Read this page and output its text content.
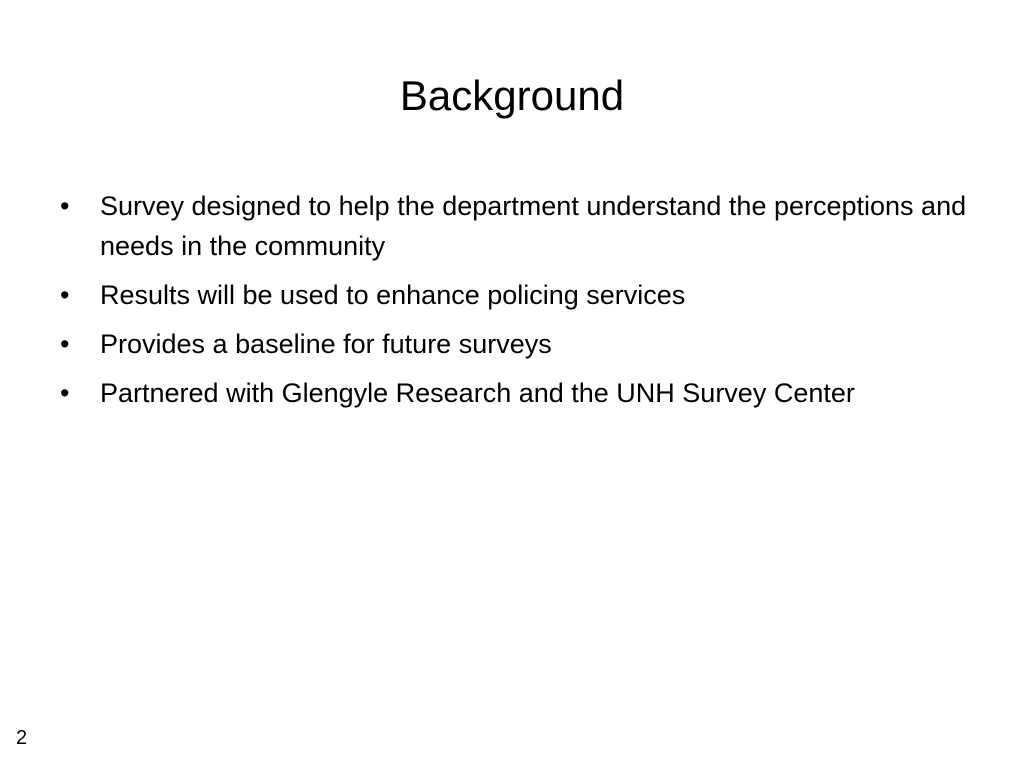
Background
• Survey designed to help the department understand the perceptions and needs in the community
• Results will be used to enhance policing services
• Provides a baseline for future surveys
• Partnered with Glengyle Research and the UNH Survey Center
2
